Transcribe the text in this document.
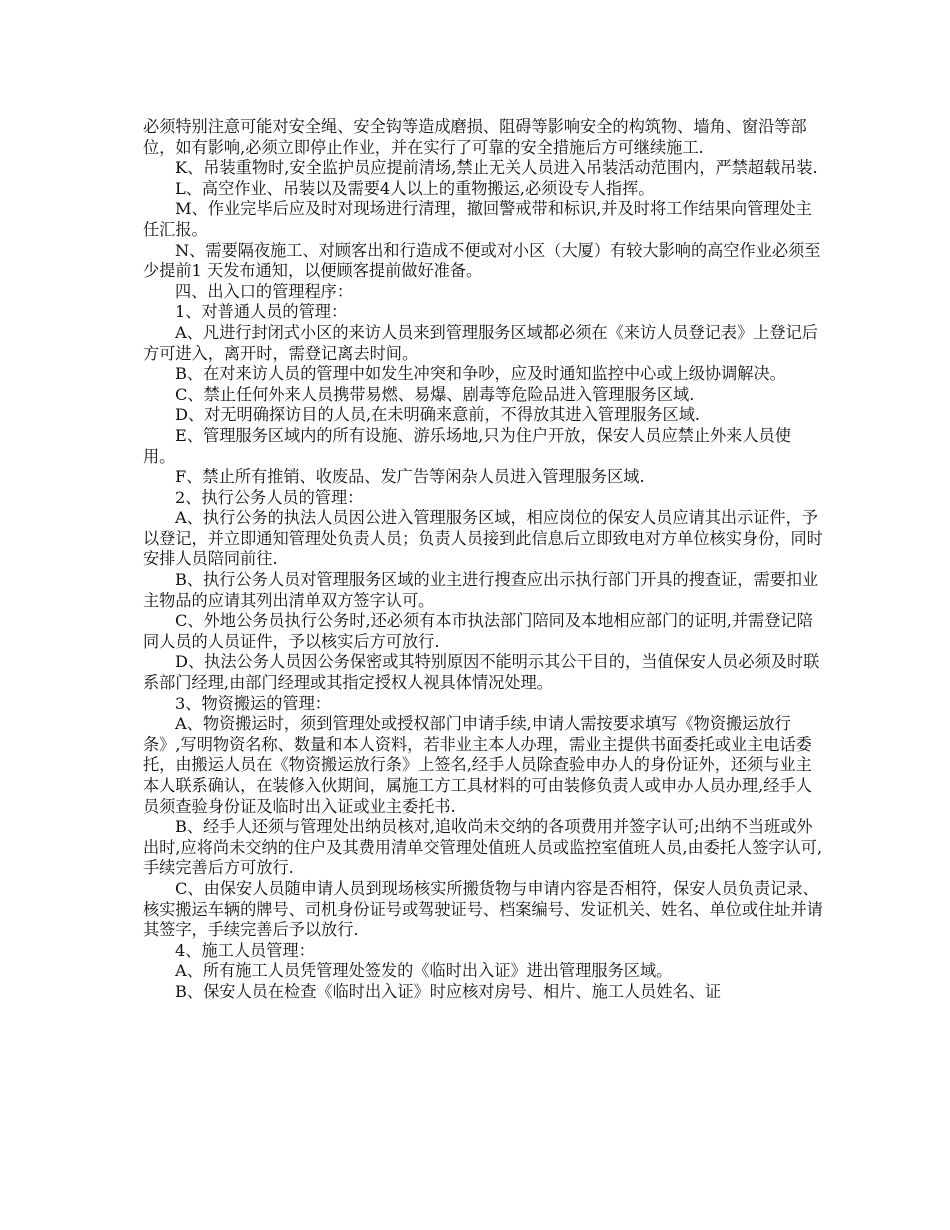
必须特别注意可能对安全绳、安全钩等造成磨损、阻碍等影响安全的构筑物、墙角、窗沿等部位，如有影响,必须立即停止作业，并在实行了可靠的安全措施后方可继续施工.

K、吊装重物时,安全监护员应提前清场,禁止无关人员进入吊装活动范围内，严禁超载吊装.

L、高空作业、吊装以及需要4人以上的重物搬运,必须设专人指挥。

M、作业完毕后应及时对现场进行清理，撤回警戒带和标识,并及时将工作结果向管理处主任汇报。

N、需要隔夜施工、对顾客出和行造成不便或对小区（大厦）有较大影响的高空作业必须至少提前1 天发布通知，以便顾客提前做好准备。

四、出入口的管理程序：

1、对普通人员的管理：

A、凡进行封闭式小区的来访人员来到管理服务区域都必须在《来访人员登记表》上登记后方可进入，离开时，需登记离去时间。

B、在对来访人员的管理中如发生冲突和争吵，应及时通知监控中心或上级协调解决。

C、禁止任何外来人员携带易燃、易爆、剧毒等危险品进入管理服务区域.

D、对无明确探访目的人员,在未明确来意前，不得放其进入管理服务区域.

E、管理服务区域内的所有设施、游乐场地,只为住户开放，保安人员应禁止外来人员使用。

F、禁止所有推销、收废品、发广告等闲杂人员进入管理服务区域.

2、执行公务人员的管理：

A、执行公务的执法人员因公进入管理服务区域，相应岗位的保安人员应请其出示证件，予以登记，并立即通知管理处负责人员；负责人员接到此信息后立即致电对方单位核实身份，同时安排人员陪同前往.

B、执行公务人员对管理服务区域的业主进行搜查应出示执行部门开具的搜查证，需要扣业主物品的应请其列出清单双方签字认可。

C、外地公务员执行公务时,还必须有本市执法部门陪同及本地相应部门的证明,并需登记陪同人员的人员证件，予以核实后方可放行.

D、执法公务人员因公务保密或其特别原因不能明示其公干目的，当值保安人员必须及时联系部门经理,由部门经理或其指定授权人视具体情况处理。

3、物资搬运的管理：

A、物资搬运时，须到管理处或授权部门申请手续,申请人需按要求填写《物资搬运放行条》,写明物资名称、数量和本人资料，若非业主本人办理，需业主提供书面委托或业主电话委托，由搬运人员在《物资搬运放行条》上签名,经手人员除查验申办人的身份证外，还须与业主本人联系确认，在装修入伙期间，属施工方工具材料的可由装修负责人或申办人员办理,经手人员须查验身份证及临时出入证或业主委托书.

B、经手人还须与管理处出纳员核对,追收尚未交纳的各项费用并签字认可;出纳不当班或外出时,应将尚未交纳的住户及其费用清单交管理处值班人员或监控室值班人员,由委托人签字认可,手续完善后方可放行.

C、由保安人员随申请人员到现场核实所搬货物与申请内容是否相符，保安人员负责记录、核实搬运车辆的牌号、司机身份证号或驾驶证号、档案编号、发证机关、姓名、单位或住址并请其签字，手续完善后予以放行.

4、施工人员管理：

A、所有施工人员凭管理处签发的《临时出入证》进出管理服务区域。

B、保安人员在检查《临时出入证》时应核对房号、相片、施工人员姓名、证
